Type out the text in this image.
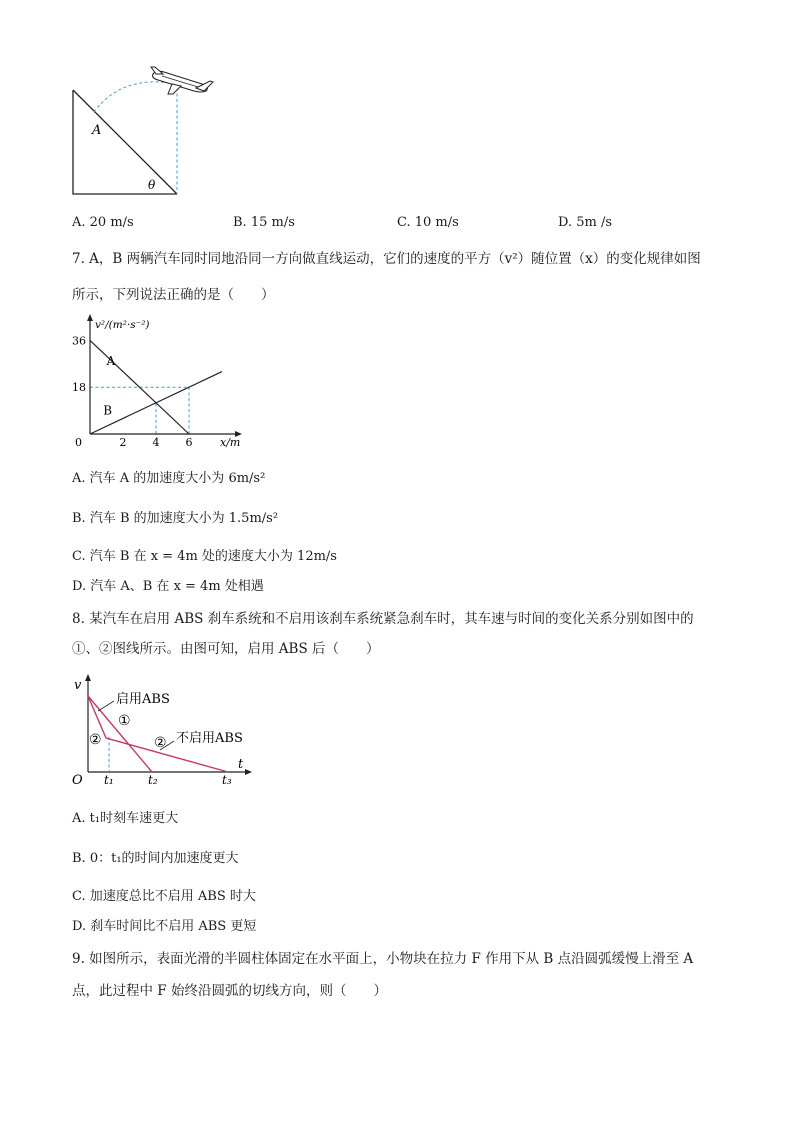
A
θ
A. 20 m/s	B. 15 m/s	C. 10 m/s	D. 5m /s
7. A，B 两辆汽车同时同地沿同一方向做直线运动，它们的速度的平方（v²）随位置（x）的变化规律如图
所示，下列说法正确的是（　　）
A
B
18
36
0	2 4 6	x/m
v²/(m²·s⁻²)
A. 汽车 A 的加速度大小为 6m/s²
B. 汽车 B 的加速度大小为 1.5m/s²
C. 汽车 B 在 x = 4m 处的速度大小为 12m/s
D. 汽车 A、B 在 x = 4m 处相遇
8. 某汽车在启用 ABS 刹车系统和不启用该刹车系统紧急刹车时，其车速与时间的变化关系分别如图中的
①、②图线所示。由图可知，启用 ABS 后（　　）
v
t
O t₁	t₂	t₃
启用ABS
不启用ABS
①
②	②
A. t₁时刻车速更大
B. 0：t₁的时间内加速度更大
C. 加速度总比不启用 ABS 时大
D. 刹车时间比不启用 ABS 更短
9. 如图所示，表面光滑的半圆柱体固定在水平面上，小物块在拉力 F 作用下从 B 点沿圆弧缓慢上滑至 A
点，此过程中 F 始终沿圆弧的切线方向，则（　　）
